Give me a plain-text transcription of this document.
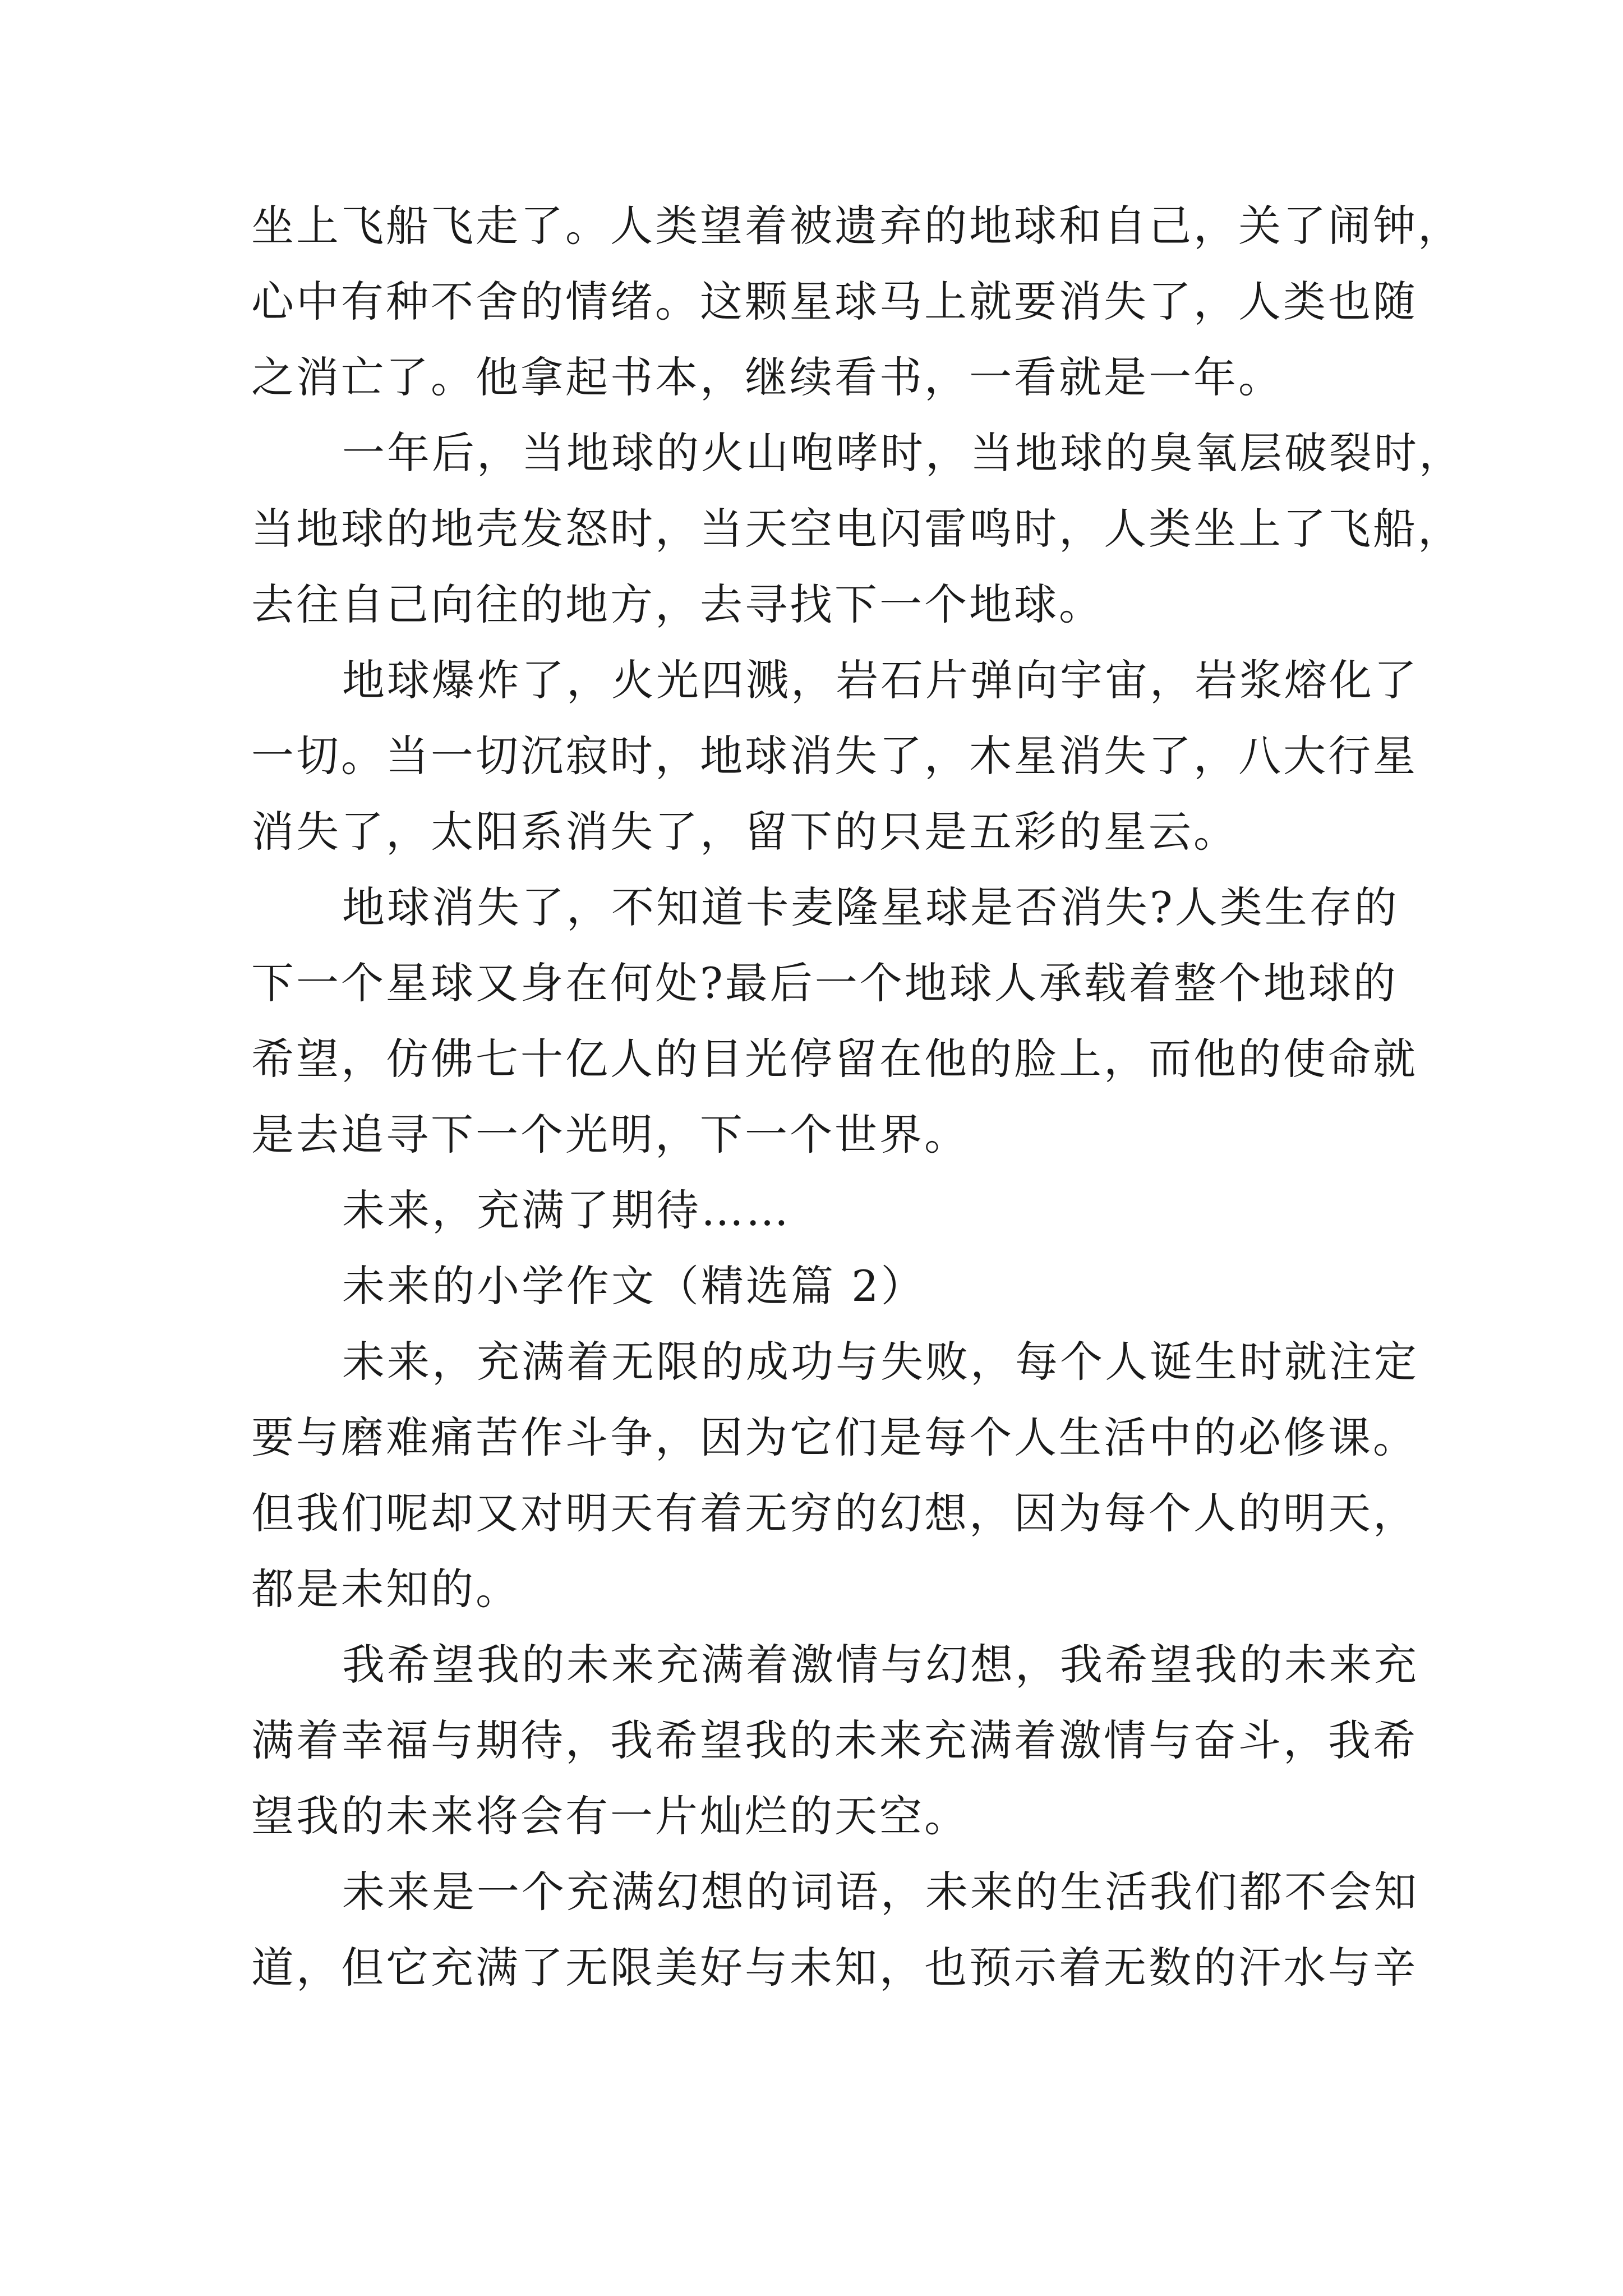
坐上飞船飞走了。人类望着被遗弃的地球和自己，关了闹钟，
心中有种不舍的情绪。这颗星球马上就要消失了，人类也随
之消亡了。他拿起书本，继续看书，一看就是一年。
一年后，当地球的火山咆哮时，当地球的臭氧层破裂时，
当地球的地壳发怒时，当天空电闪雷鸣时，人类坐上了飞船，
去往自己向往的地方，去寻找下一个地球。
地球爆炸了，火光四溅，岩石片弹向宇宙，岩浆熔化了
一切。当一切沉寂时，地球消失了，木星消失了，八大行星
消失了，太阳系消失了，留下的只是五彩的星云。
地球消失了，不知道卡麦隆星球是否消失?人类生存的
下一个星球又身在何处?最后一个地球人承载着整个地球的
希望，仿佛七十亿人的目光停留在他的脸上，而他的使命就
是去追寻下一个光明，下一个世界。
未来，充满了期待……
未来的小学作文（精选篇 2）
未来，充满着无限的成功与失败，每个人诞生时就注定
要与磨难痛苦作斗争，因为它们是每个人生活中的必修课。
但我们呢却又对明天有着无穷的幻想，因为每个人的明天，
都是未知的。
我希望我的未来充满着激情与幻想，我希望我的未来充
满着幸福与期待，我希望我的未来充满着激情与奋斗，我希
望我的未来将会有一片灿烂的天空。
未来是一个充满幻想的词语，未来的生活我们都不会知
道，但它充满了无限美好与未知，也预示着无数的汗水与辛
